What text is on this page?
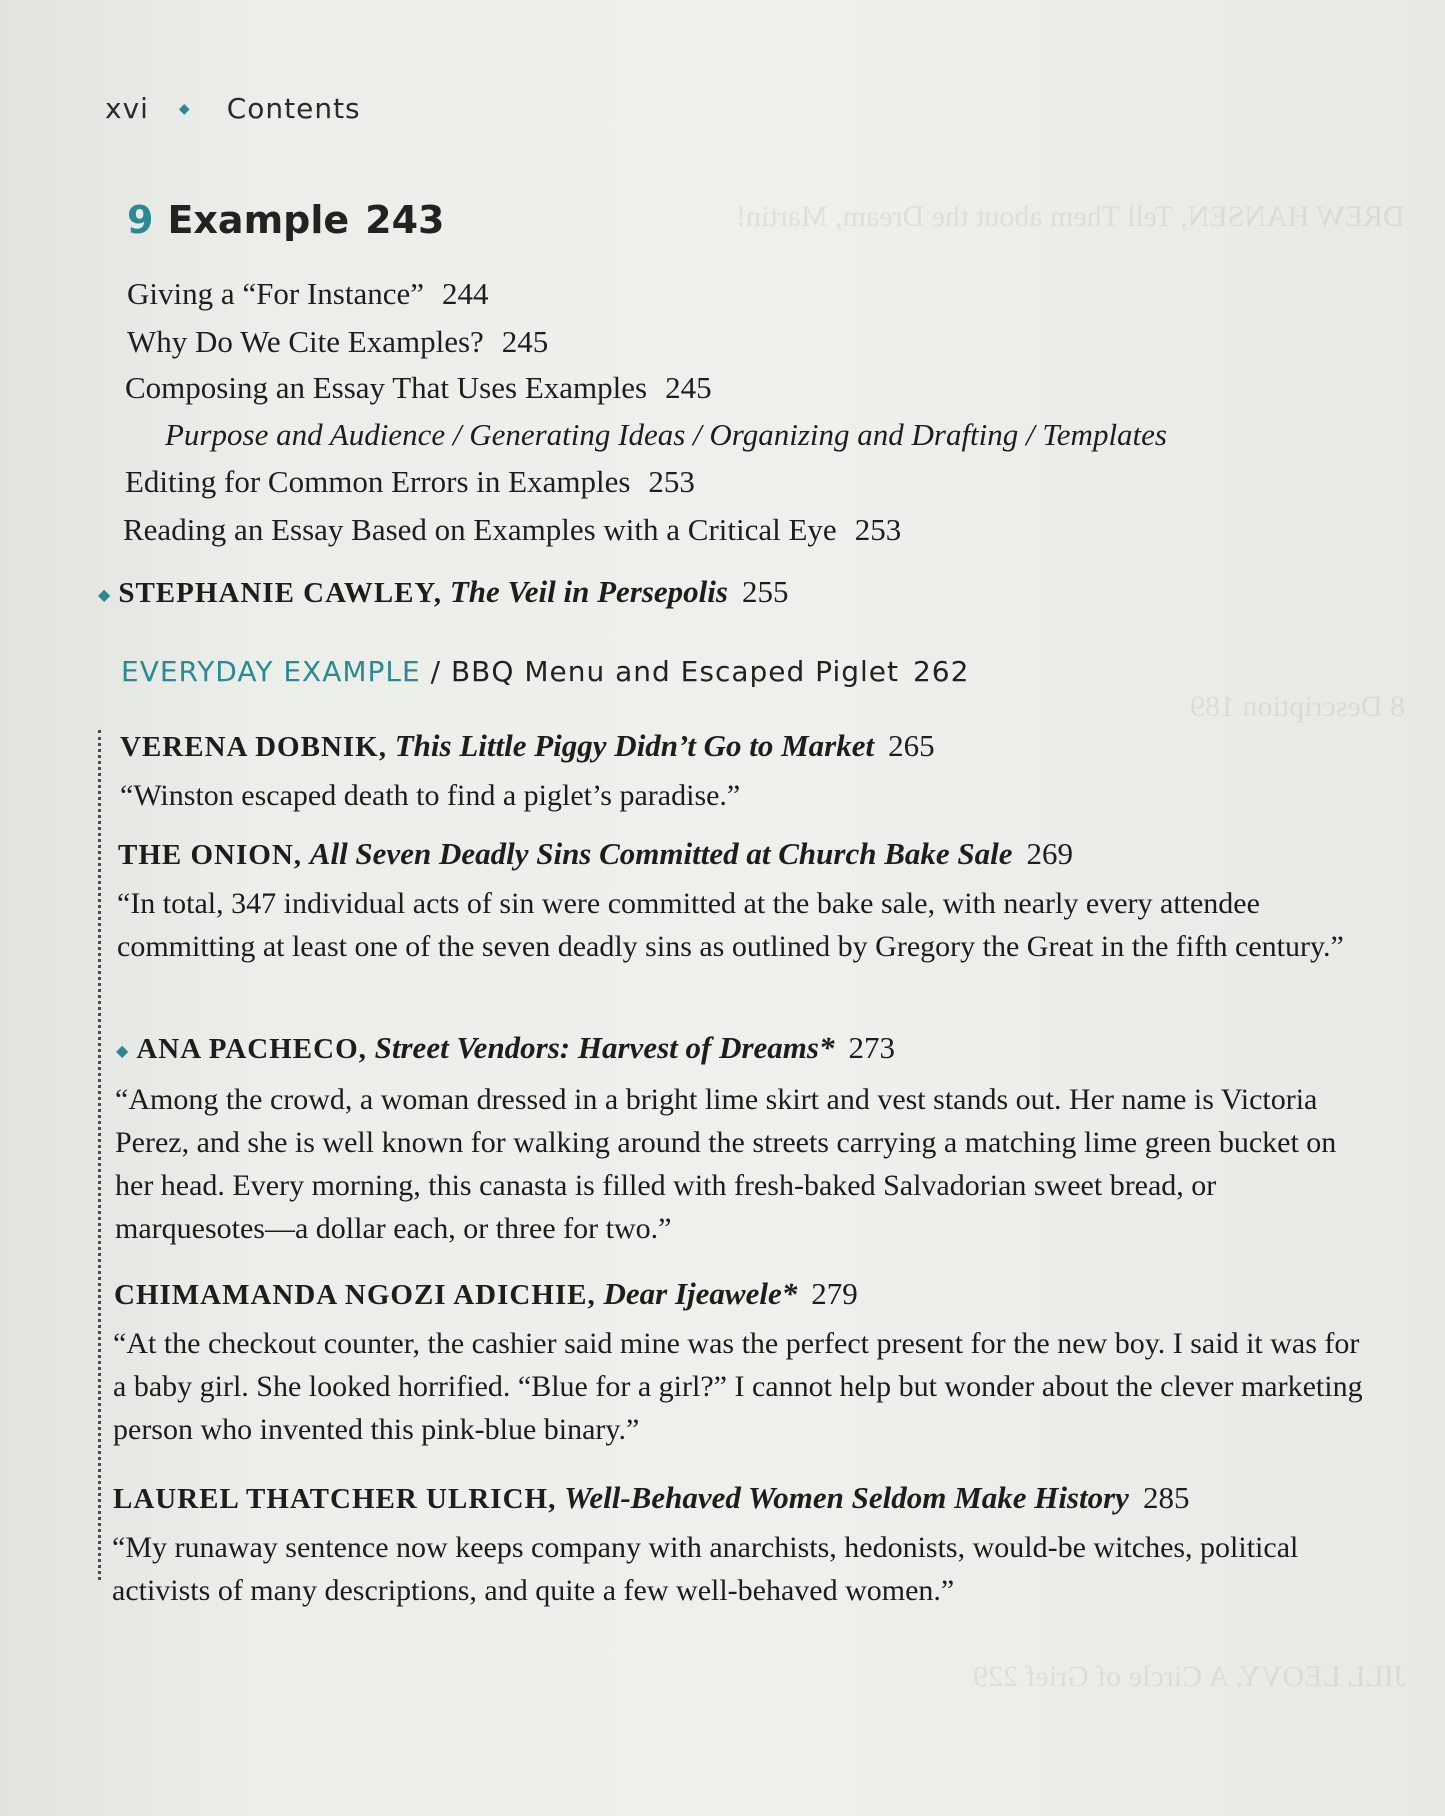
DREW HANSEN, Tell Them about the Dream, Martin!
8 Description 189
xvi ◆ Contents
9 Example 243
Giving a “For Instance” 244
Why Do We Cite Examples? 245
Composing an Essay That Uses Examples 245
Purpose and Audience / Generating Ideas / Organizing and Drafting / Templates
Editing for Common Errors in Examples 253
Reading an Essay Based on Examples with a Critical Eye 253
◆ STEPHANIE CAWLEY, The Veil in Persepolis 255
EVERYDAY EXAMPLE / BBQ Menu and Escaped Piglet 262
VERENA DOBNIK, This Little Piggy Didn’t Go to Market 265

“Winston escaped death to find a piglet’s paradise.”

THE ONION, All Seven Deadly Sins Committed at Church Bake Sale 269

“In total, 347 individual acts of sin were committed at the bake sale, with nearly every attendee committing at least one of the seven deadly sins as outlined by Gregory the Great in the fifth century.”

◆ ANA PACHECO, Street Vendors: Harvest of Dreams* 273

“Among the crowd, a woman dressed in a bright lime skirt and vest stands out. Her name is Victoria Perez, and she is well known for walking around the streets carrying a matching lime green bucket on her head. Every morning, this canasta is filled with fresh-baked Salvadorian sweet bread, or marquesotes—a dollar each, or three for two.”

CHIMAMANDA NGOZI ADICHIE, Dear Ijeawele* 279

“At the checkout counter, the cashier said mine was the perfect present for the new boy. I said it was for a baby girl. She looked horrified. “Blue for a girl?” I cannot help but wonder about the clever marketing person who invented this pink-blue binary.”

LAUREL THATCHER ULRICH, Well-Behaved Women Seldom Make History 285

“My runaway sentence now keeps company with anarchists, hedonists, would-be witches, political activists of many descriptions, and quite a few well-behaved women.”

JILL LEOVY, A Circle of Grief 229
